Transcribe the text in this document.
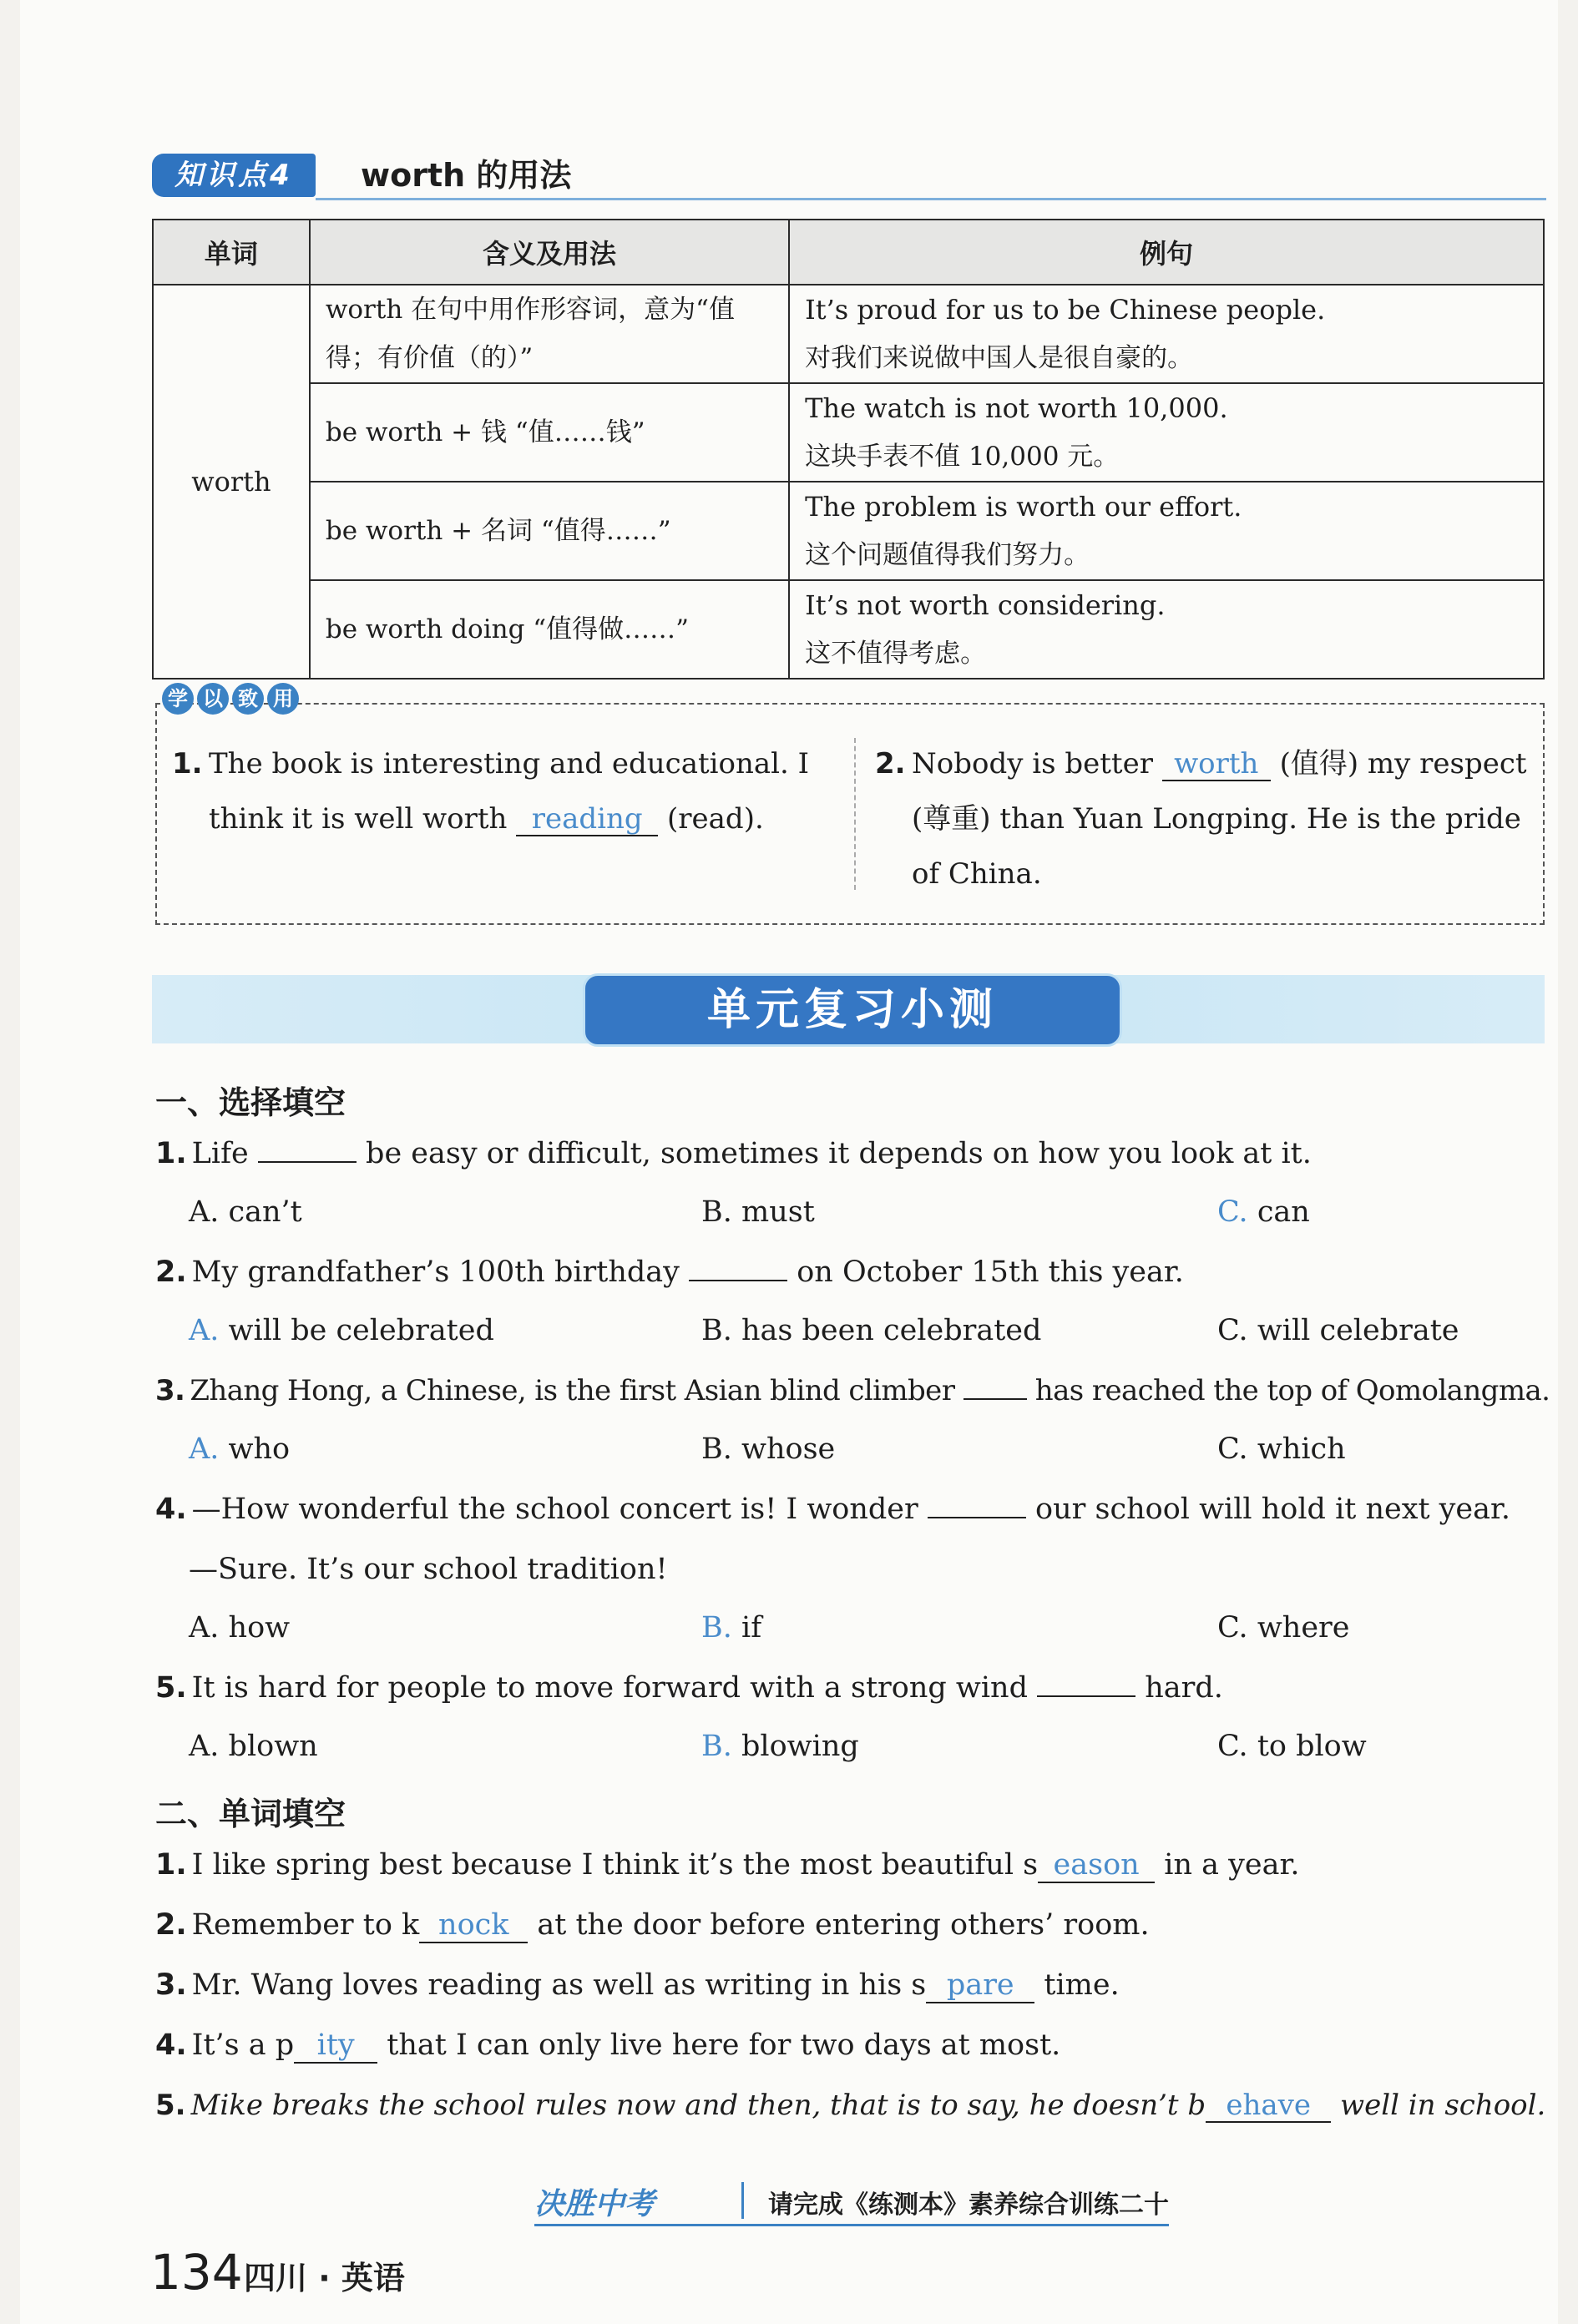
知识点4	worth 的用法
单词	含义及用法	例句
worth	worth 在句中用作形容词，意为“值得；有价值（的）”	It’s proud for us to be Chinese people.
对我们来说做中国人是很自豪的。

	be worth + 钱 “值……钱”	The watch is not worth 10,000.
这块手表不值 10,000 元。

	be worth + 名词 “值得……”	The problem is worth our effort.
这个问题值得我们努力。

	be worth doing “值得做……”	It’s not worth considering.
这不值得考虑。
1. The book is interesting and educational. I
think it is well worth reading (read).
2. Nobody is better worth (值得) my respect
(尊重) than Yuan Longping. He is the pride
of China.
学 以 致 用
单元复习小测
一、选择填空
1. Life	be easy or difficult, sometimes it depends on how you look at it.
A. can’t	B. must	C. can
2. My grandfather’s 100th birthday	on October 15th this year.
A. will be celebrated	B. has been celebrated	C. will celebrate
3. Zhang Hong, a Chinese, is the first Asian blind climber	has reached the top of Qomolangma.
A. who	B. whose	C. which
4. —How wonderful the school concert is! I wonder	our school will hold it next year.
—Sure. It’s our school tradition!
A. how	B. if	C. where
5. It is hard for people to move forward with a strong wind	hard.
A. blown	B. blowing	C. to blow
二、单词填空
1. I like spring best because I think it’s the most beautiful s eason in a year.
2. Remember to k nock at the door before entering others’ room.
3. Mr. Wang loves reading as well as writing in his s pare time.
4. It’s a p ity that I can only live here for two days at most.
5. Mike breaks the school rules now and then, that is to say, he doesn’t b ehave well in school.
决胜中考	请完成《练测本》素养综合训练二十
134 四川 · 英语
